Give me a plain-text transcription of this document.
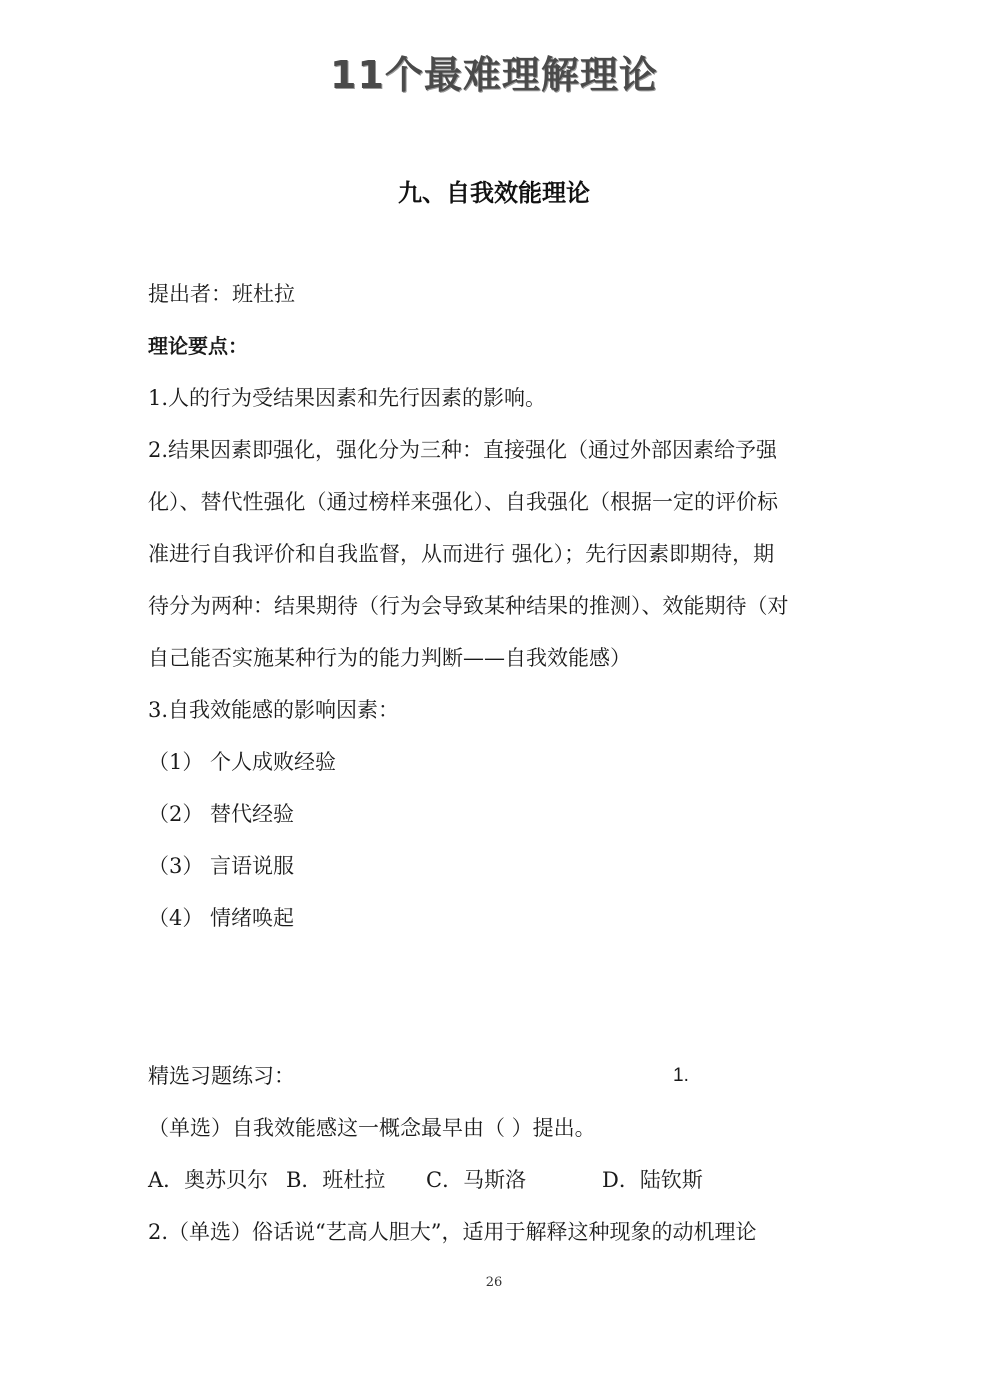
11个最难理解理论
九、自我效能理论
提出者：班杜拉
理论要点：
1.人的行为受结果因素和先行因素的影响。
2.结果因素即强化，强化分为三种：直接强化（通过外部因素给予强
化）、替代性强化（通过榜样来强化）、自我强化（根据一定的评价标
准进行自我评价和自我监督，从而进行 强化）；先行因素即期待，期
待分为两种：结果期待（行为会导致某种结果的推测）、效能期待（对
自己能否实施某种行为的能力判断——自我效能感）
3.自我效能感的影响因素：
（1） 个人成败经验
（2） 替代经验
（3） 言语说服
（4） 情绪唤起
精选习题练习：	1.
（单选）自我效能感这一概念最早由（ ）提出。
A．奥苏贝尔 B．班杜拉 C．马斯洛	D．陆钦斯
2.（单选）俗话说“艺高人胆大”，适用于解释这种现象的动机理论
26
